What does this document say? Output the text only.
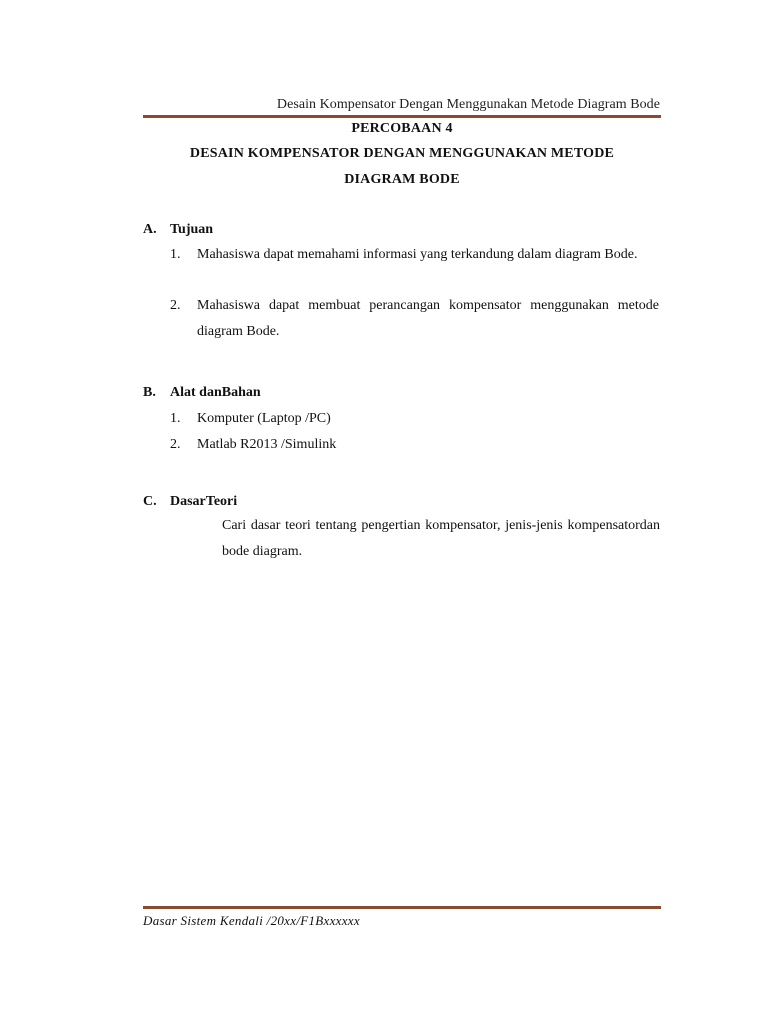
Desain Kompensator Dengan Menggunakan Metode Diagram Bode
PERCOBAAN 4
DESAIN KOMPENSATOR DENGAN MENGGUNAKAN METODE
DIAGRAM BODE
A. Tujuan
1. Mahasiswa dapat memahami informasi yang terkandung dalam diagram Bode.
2. Mahasiswa dapat membuat perancangan kompensator menggunakan metode diagram Bode.
B. Alat danBahan
1. Komputer (Laptop /PC)
2. Matlab R2013 /Simulink
C. DasarTeori
Cari dasar teori tentang pengertian kompensator, jenis-jenis kompensatordan bode diagram.
Dasar Sistem Kendali /20xx/F1Bxxxxxx
